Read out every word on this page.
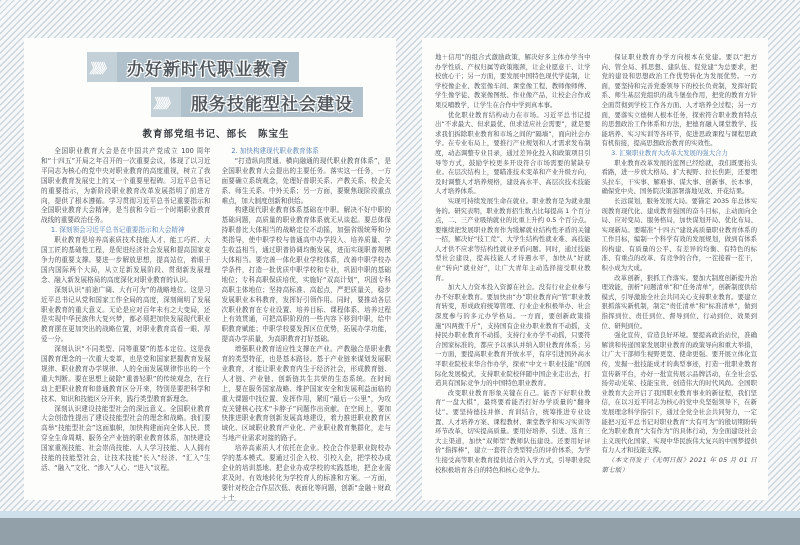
》》》》 办好新时代职业教育
》》》》 服务技能型社会建设
教育部党组书记、部长　陈宝生

全国职业教育大会是在中国共产党成立 100 周年和“十四五”开局之年召开的一次重要会议，体现了以习近平同志为核心的党中央对职业教育的高度重视，树立了我国职业教育发展史上的又一个重要里程碑。习近平总书记的重要指示，为新阶段职业教育改革发展指明了前进方向，提供了根本遵循。学习贯彻习近平总书记重要指示和全国职业教育大会精神，是当前和今后一个时期职业教育战线的重要政治任务。

1. 深刻领会习近平总书记重要指示和大会精神

职业教育是培养高素质技术技能人才、能工巧匠、大国工匠的基础性工程，是促进经济社会发展和提高国家竞争力的重要支撑。要进一步解放思想，提高站位，着眼于国内国际两个大局，从立足新发展阶段、贯彻新发展理念、融入新发展格局的高度深化对职业教育的认识。

深刻认识“前途广阔、大有可为”的战略地位。这是习近平总书记从党和国家工作全局的高度，深刻阐明了发展职业教育的重大意义。无论是应对百年未有之大变局，还是实现中华民族伟大复兴梦，都必须把加快发展现代职业教育摆在更加突出的战略位置，对职业教育高看一眼、厚爱一分。

深刻认识“不同类型、同等重要”的基本定位。这是我国教育理念的一次重大变革，也是党和国家把握教育发展规律、职业教育办学规律、人的全面发展规律作出的一个重大判断。要在思想上破除“重普轻职”的传统观念，在行动上把职业教育和普通教育区分开来，特别是要把科学和技术、知识和技能区分开来，践行类型教育新理念。

深刻认识建设技能型社会的深远意义。全国职业教育大会创造性提出了建设技能型社会的理念和战略。我们要高举“技能型社会”这面旗帜，加快构建面向全体人民、贯穿全生命周期、服务全产业链的职业教育体系，加快建设国家重视技能、社会崇尚技能、人人学习技能、人人拥有技能的技能型社会，让技术技能“长入”经济、“汇入”生活、“融入”文化、“渗入”人心、“进入”议程。

2. 加快构建现代职业教育体系

“打造纵向贯通、横向融通的现代职业教育体系”，是全国职业教育大会提出的主要任务。落实这一任务，一方面要确立系统观念，处理好普职关系、产教关系、校企关系、师生关系、中外关系；另一方面，要聚焦现阶段重点难点，加大制度创新和供给。

构建现代职业教育体系基础在中职。解决不好中职的基础问题，高质量的职业教育体系就无从谈起。要总体保持职普比大体相当的战略定位不动摇，加强省级统筹和分类指导，使中职学校与普通高中办学投入、培养质量、学生收益相当，通过职普协调均衡发展，进而实现职普规模大体相当。要完善一体化职业学校体系，改善中职学校办学条件，打造一批优质中职学校和专业，巩固中职的基础地位；专科高职保质培优，实施好“双高计划”，巩固专科高职主体地位；坚持高标准、高起点，严把质量关，稳步发展职业本科教育，发挥好引领作用。同时，要推动各层次职业教育在专业设置、培养目标、课程体系、培养过程上有效贯通，可把高职阶段的一些内容下移到中职，给中职教育赋能；中职学校要发挥区位优势，拓展办学功能，提高办学质量，为高职教育打好基础。

增强职业教育适应性支撑在产业。产教融合是职业教育的类型特征，也是基本路径。基于产业链来谋划发展职业教育，才能让职业教育内生于经济社会，形成教育链、人才链、产业链、创新链共生共荣的生态系统。在时间上，要在服务国家战略、维护国家安全和发展利益面临的重大课题中找位置、发挥作用，紧盯“最后一公里”，为攻克关键核心技术“卡脖子”问题作出贡献。在空间上，要加快推进职业教育创新发展高地建设，着力推进职业教育区域化、区域职业教育产业化、产业职业教育集群化，走与当地产业需求对接的路子。

培养高素质人才依托在企业。校企合作是职业院校办学的基本模式。要通过引企入校、引校入企，把学校办成企业的培训基地、把企业办成学校的实践基地，把企业需求及时、有效地转化为学校育人的标准和方案。一方面，要针对校企合作层次低、表面化等问题，创新“金融＋财政＋土

地＋信用”的组合式激励政策，解决好多主体办学当中办学性质、产权归属等政策瓶颈，让企业愿意干、让学校放心干；另一方面，要发展中国特色现代学徒制，让学校像企业、教室像车间、课堂像工程、教师像师傅、学生像学徒、教案像图纸、作业像产品，让校企合作成果反哺教学，让学生在合作中学到真本事。

优化职业教育结构动力在市场。习近平总书记提出“不求最大、但求最优、但求适应社会需要”，就是要求我们拆除职业教育和市场之间的“隔墙”，面向社会办学。在专业布局上，要推行产业规划和人才需求发布制度，动态调整专业目录，通过差异化投入和政策项目引导等方式，鼓励学校更多开设符合市场需要的紧缺专业。在层次结构上，要瞄准技术变革和产业升级方向，及时调整人才培养规格，建设高水平、高层次技术技能人才培养体系。

实现可持续发展生命在就业。职业教育是为就业服务的。研究表明，职业教育招生数占比每提高 1 个百分点，二、三产业吸纳就业的比重上升约 0.5 个百分点。要继续把发展职业教育作为缓解就业结构性矛盾的关键一招，解决好“技工荒”、大学生结构性就业难、高技能人才供不应求等结构性就业矛盾问题。同时，通过技能型社会建设，提高技能人才待遇水平，加快从“好就业”转向“就业好”，让广大青年主动选择接受职业教育。

加大人力资本投入资源在社会。没有行业企业参与办不好职业教育。要加快由“办”职业教育向“管”职业教育转变，形成政府统筹管理、行业企业积极举办、社会深度参与的多元办学格局。一方面，要创新政策措施“四两拨千斤”，支持国有企业办职业教育不动摇，支持民办职业教育不动摇，支持行业办学不动摇，只要符合国家标准的，都应予以承认并纳入职业教育体系；另一方面，要提高职业教育开放水平，有序引进国外高水平职业院校来华合作办学，探索“中文＋职业技能”的国际化发展模式，支持职业院校伴随中国企业走出去，打造具有国际竞争力的中国特色职业教育。

改变职业教育形象关键在自己。能否下好职业教育“一盘大棋”，最终要看能否打好办学质量的“翻身仗”。要坚持德技并修、育训结合，统筹推进专业设置、人才培养方案、课程教材、课堂教学和实习实训等环节改革，切实提高质量。要用好培养、引进、选育三大主渠道，加快“双师型”教师队伍建设。还要用好评价“指挥棒”，建立一套符合类型特点的评价体系，为学生接受高等职业教育提供适合的入学方式，引导职业院校积极培育各自的特色和核心竞争力。

保证职业教育办学方向根本在党建。要以“把方向、管全局、抓思想、建队伍、促党建”为总要求，把党的建设和思想政治工作优势转化为发展优势。一方面，要坚持和完善党委领导下的校长负责制，发挥好院系、师生基层党组织的战斗堡垒作用，把党的教育方针全面贯彻到学校工作各方面、人才培养全过程；另一方面，要落实立德树人根本任务，探索符合职业教育特点的思想政治工作体系和方法，把德育融入课堂教学、技能培养、实习实训等各环节，促进思政课程与课程思政有机衔接，提高思想政治教育的实效性。

3. 汇聚职业教育大改革大发展的强大合力

职业教育改革发展的蓝图已经绘就，我们既要抬头看路，进一步放大格局、扩大视野、拉长焦距，还要埋头拉车，干实事、解难事、谋大事、创新事、长本事，确保党中央、国务院决策部署落地见效、开花结果。

长远谋划，服务发展大局。要锚定 2035 年总体实现教育现代化、建成教育强国的奋斗目标，主动面向全局、应对变局、服务格局，加快谋划开局、优化布局、实现新局。要瞄准“十四五”建设高质量职业教育体系的工作目标，编制一个科学有效的发展规划，做到有体系的构建、有质量的公平、有差异的均衡、有特色的标准、有重点的改革、有竞争的合作，一茬接着一茬干，积小成为大成。

改革创新，狠抓工作落实。要加大制度创新提升治理效能，剖析“问题清单”和“任务清单”，创新制度供给模式，引导激励全社会共同关心支持职业教育。要建立狠抓落实新机制，制定“责任清单”和“标准清单”，做到指挥到位、责任到位、督导到位、行动到位、效果到位、研判到位。

强化宣传，营造良好环境。要提高政治站位，准确解读和传递国家发展职业教育的政策导向和重大举措，让广大干部师生视野更宽、使命更强。要开展立体化宣传，发掘一批技能成才的典型事迹，打造一批职业教育宣传新平台，办好一批宣传展示品牌活动，在全社会弘扬劳动光荣、技能宝贵、创造伟大的时代风尚。全国职业教育大会开启了我国职业教育事业的新征程，我们坚信，在以习近平同志为核心的党中央坚强领导下，在新发展理念科学指引下，通过全党全社会共同努力，一定能把习近平总书记对职业教育“大有可为”的殷切期盼转化为职业教育“大有作为”的具体行动，为全面建设社会主义现代化国家、实现中华民族伟大复兴的中国梦提供有力人才和技能支撑。

（本文刊发于《光明日报》2021 年 05 月 01 日第七版）
